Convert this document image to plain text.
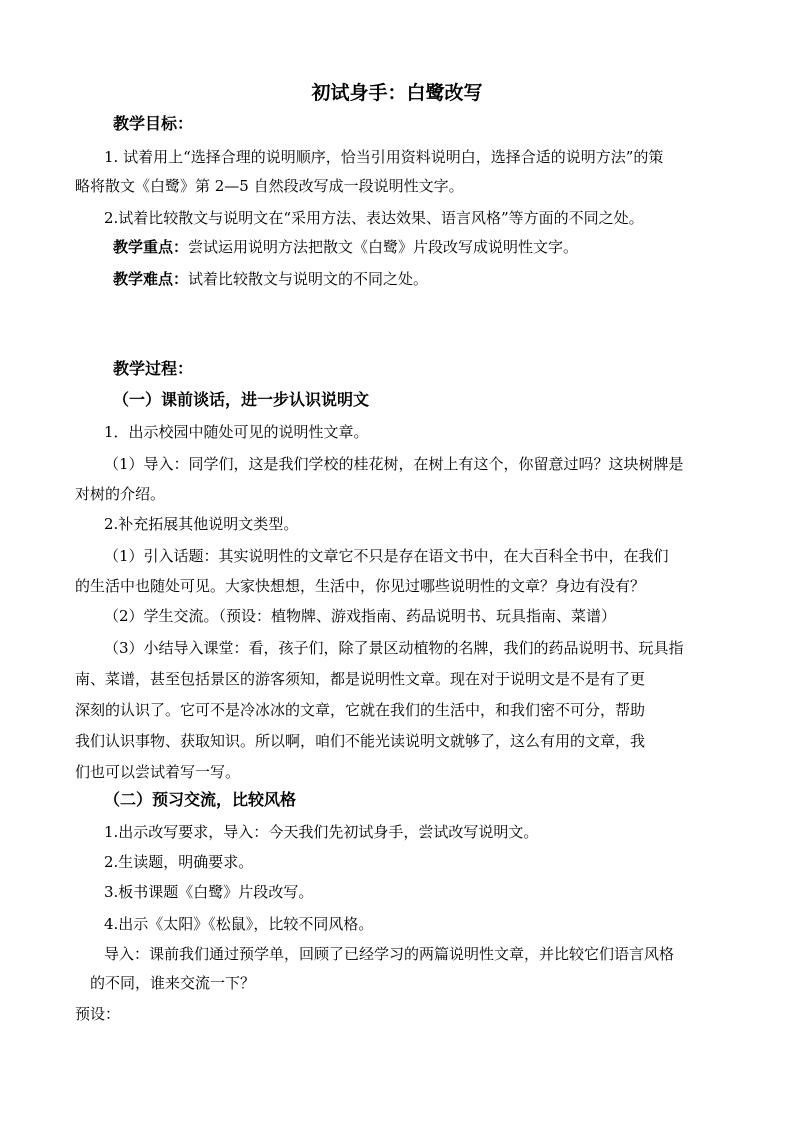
初试身手：白鹭改写
教学目标：
1. 试着用上“选择合理的说明顺序，恰当引用资料说明白，选择合适的说明方法”的策
略将散文《白鹭》第 2—5 自然段改写成一段说明性文字。
2.试着比较散文与说明文在“采用方法、表达效果、语言风格”等方面的不同之处。
教学重点：尝试运用说明方法把散文《白鹭》片段改写成说明性文字。
教学难点：试着比较散文与说明文的不同之处。
教学过程：
（一）课前谈话，进一步认识说明文
1．出示校园中随处可见的说明性文章。
（1）导入：同学们，这是我们学校的桂花树，在树上有这个，你留意过吗？这块树牌是
对树的介绍。
2.补充拓展其他说明文类型。
（1）引入话题：其实说明性的文章它不只是存在语文书中，在大百科全书中，在我们
的生活中也随处可见。大家快想想，生活中，你见过哪些说明性的文章？身边有没有？
（2）学生交流。（预设：植物牌、游戏指南、药品说明书、玩具指南、菜谱）
（3）小结导入课堂：看，孩子们，除了景区动植物的名牌，我们的药品说明书、玩具指
南、菜谱，甚至包括景区的游客须知，都是说明性文章。现在对于说明文是不是有了更
深刻的认识了。它可不是冷冰冰的文章，它就在我们的生活中，和我们密不可分，帮助
我们认识事物、获取知识。所以啊，咱们不能光读说明文就够了，这么有用的文章，我
们也可以尝试着写一写。
（二）预习交流，比较风格
1.出示改写要求，导入：今天我们先初试身手，尝试改写说明文。
2.生读题，明确要求。
3.板书课题《白鹭》片段改写。
4.出示《太阳》《松鼠》，比较不同风格。
导入：课前我们通过预学单，回顾了已经学习的两篇说明性文章，并比较它们语言风格
的不同，谁来交流一下？
预设：
